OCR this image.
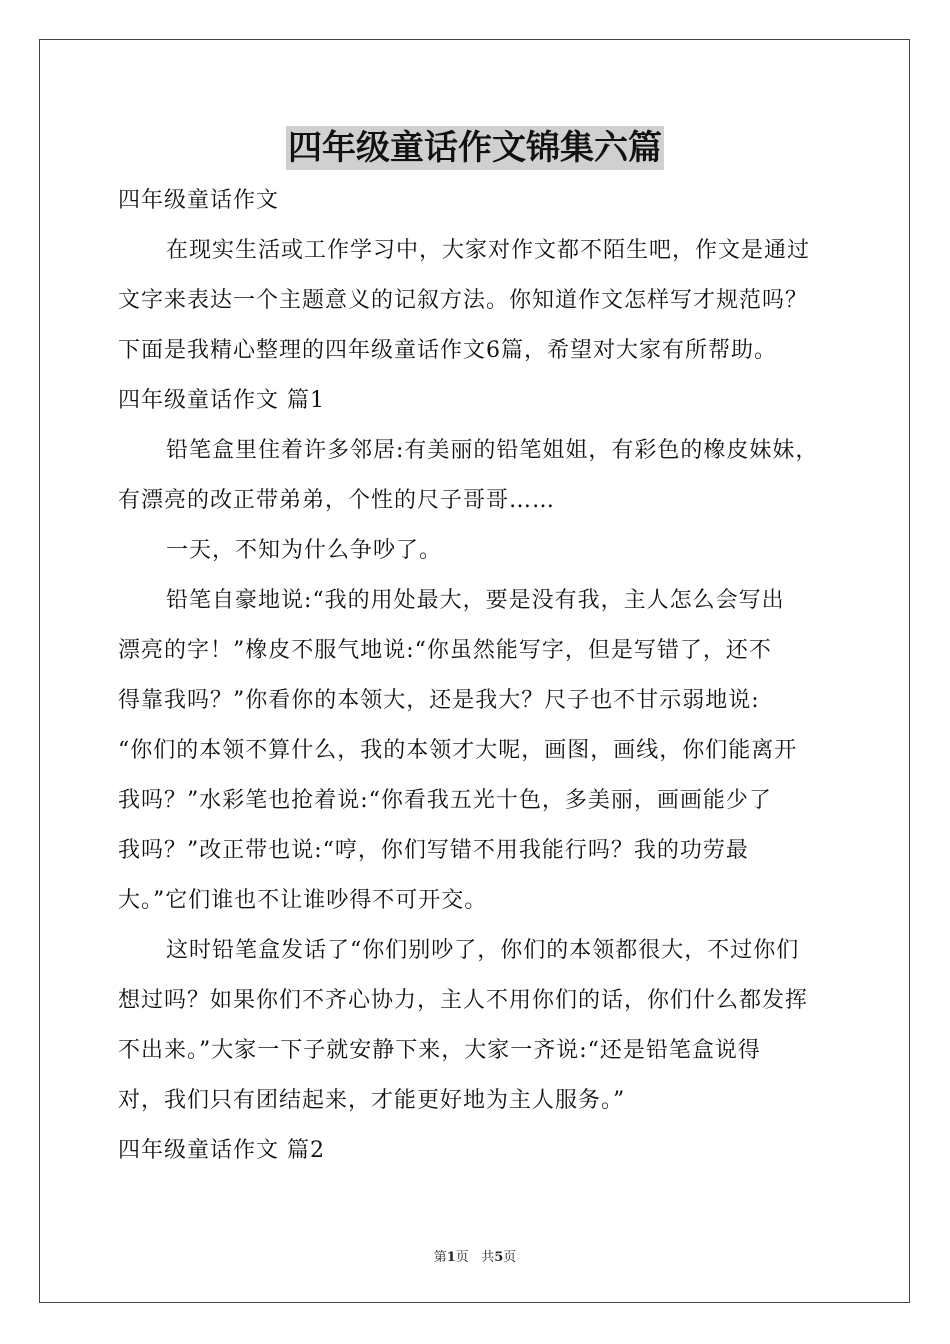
四年级童话作文锦集六篇
四年级童话作文
在现实生活或工作学习中，大家对作文都不陌生吧，作文是通过
文字来表达一个主题意义的记叙方法。你知道作文怎样写才规范吗？
下面是我精心整理的四年级童话作文6篇，希望对大家有所帮助。
四年级童话作文 篇1
铅笔盒里住着许多邻居:有美丽的铅笔姐姐，有彩色的橡皮妹妹，
有漂亮的改正带弟弟，个性的尺子哥哥……
一天，不知为什么争吵了。
铅笔自豪地说:“我的用处最大，要是没有我，主人怎么会写出
漂亮的字！”橡皮不服气地说:“你虽然能写字，但是写错了，还不
得靠我吗？”你看你的本领大，还是我大？尺子也不甘示弱地说:
“你们的本领不算什么，我的本领才大呢，画图，画线，你们能离开
我吗？”水彩笔也抢着说:“你看我五光十色，多美丽，画画能少了
我吗？”改正带也说:“哼，你们写错不用我能行吗？我的功劳最
大。”它们谁也不让谁吵得不可开交。
这时铅笔盒发话了“你们别吵了，你们的本领都很大，不过你们
想过吗？如果你们不齐心协力，主人不用你们的话，你们什么都发挥
不出来。”大家一下子就安静下来，大家一齐说:“还是铅笔盒说得
对，我们只有团结起来，才能更好地为主人服务。”
四年级童话作文 篇2
第1页 共5页
